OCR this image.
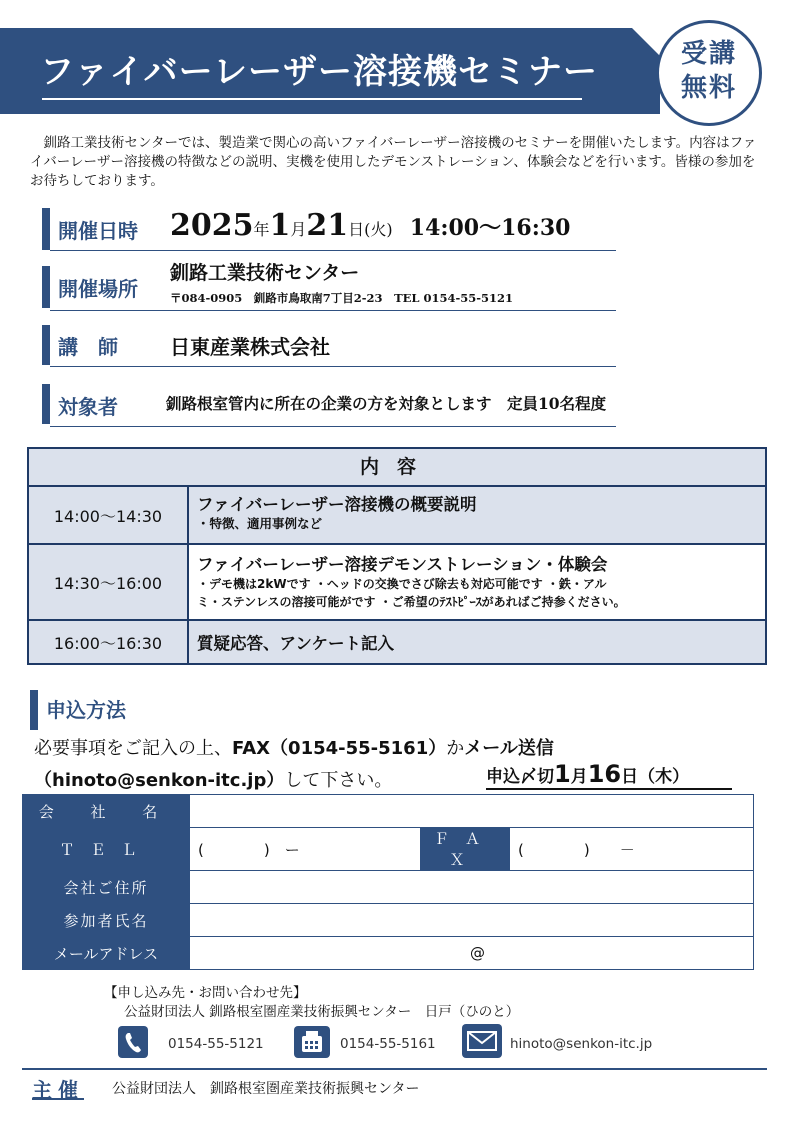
ファイバーレーザー溶接機セミナー	受講
無料
　釧路工業技術センターでは、製造業で関心の高いファイバーレーザー溶接機のセミナーを開催いたします。内容はファイバーレーザー溶接機の特徴などの説明、実機を使用したデモンストレーション、体験会などを行います。皆様の参加をお待ちしております。
開催日時 2025年1月21日(火) 14:00～16:30
開催場所
釧路工業技術センター
〒084-0905　釧路市鳥取南7丁目2-23　TEL 0154-55-5121
講　師	日東産業株式会社
対象者	釧路根室管内に所在の企業の方を対象とします　定員10名程度
内容
14:00～14:30
ファイバーレーザー溶接機の概要説明
・特徴、適用事例など
14:30～16:00
ファイバーレーザー溶接デモンストレーション・体験会
・デモ機は2kWです ・ヘッドの交換でさび除去も対応可能です ・鉄・アル
ミ・ステンレスの溶接可能がです ・ご希望のﾃｽﾄﾋﾟｰｽがあればご持参ください。
16:00～16:30	質疑応答、アンケート記入
申込方法
必要事項をご記入の上、FAX（0154-55-5161）かメール送信
（hinoto@senkon-itc.jp）して下さい。	申込〆切1月16日（木）
会 社 名			
ＴＥＬ	(　　　　)　ー	ＦＡＸ	(　　　　)　　－
会社ご住所			
参加者氏名			
メールアドレス	@		
【申し込み先・お問い合わせ先】
公益財団法人 釧路根室圏産業技術振興センター　日戸（ひのと）
0154-55-5121	0154-55-5161	hinoto@senkon-itc.jp
主催 公益財団法人　釧路根室圏産業技術振興センター
